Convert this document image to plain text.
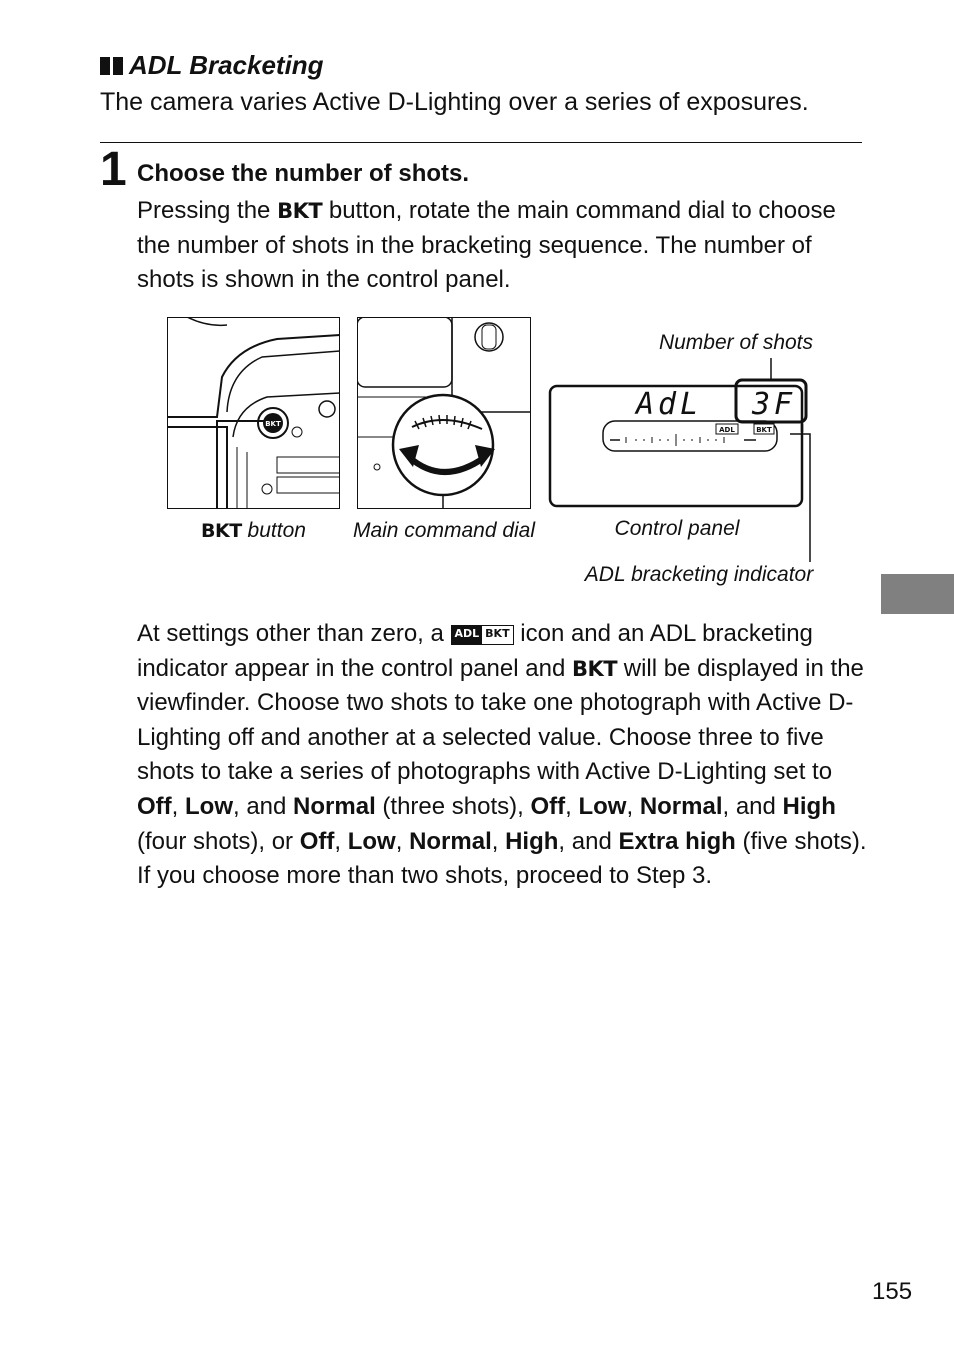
ADL Bracketing
The camera varies Active D-Lighting over a series of exposures.
1 Choose the number of shots.
Pressing the BKT button, rotate the main command dial to choose the number of shots in the bracketing sequence. The number of shots is shown in the control panel.
BKT
BKT button	Main command dial
Number of shots
AdL 3F
ADL	BKT
Control panel
ADL bracketing indicator
At settings other than zero, a ADL BKT icon and an ADL bracketing indicator appear in the control panel and BKT will be displayed in the viewfinder. Choose two shots to take one photograph with Active D-Lighting off and another at a selected value. Choose three to five shots to take a series of photographs with Active D-Lighting set to Off, Low, and Normal (three shots), Off, Low, Normal, and High (four shots), or Off, Low, Normal, High, and Extra high (five shots). If you choose more than two shots, proceed to Step 3.
155
